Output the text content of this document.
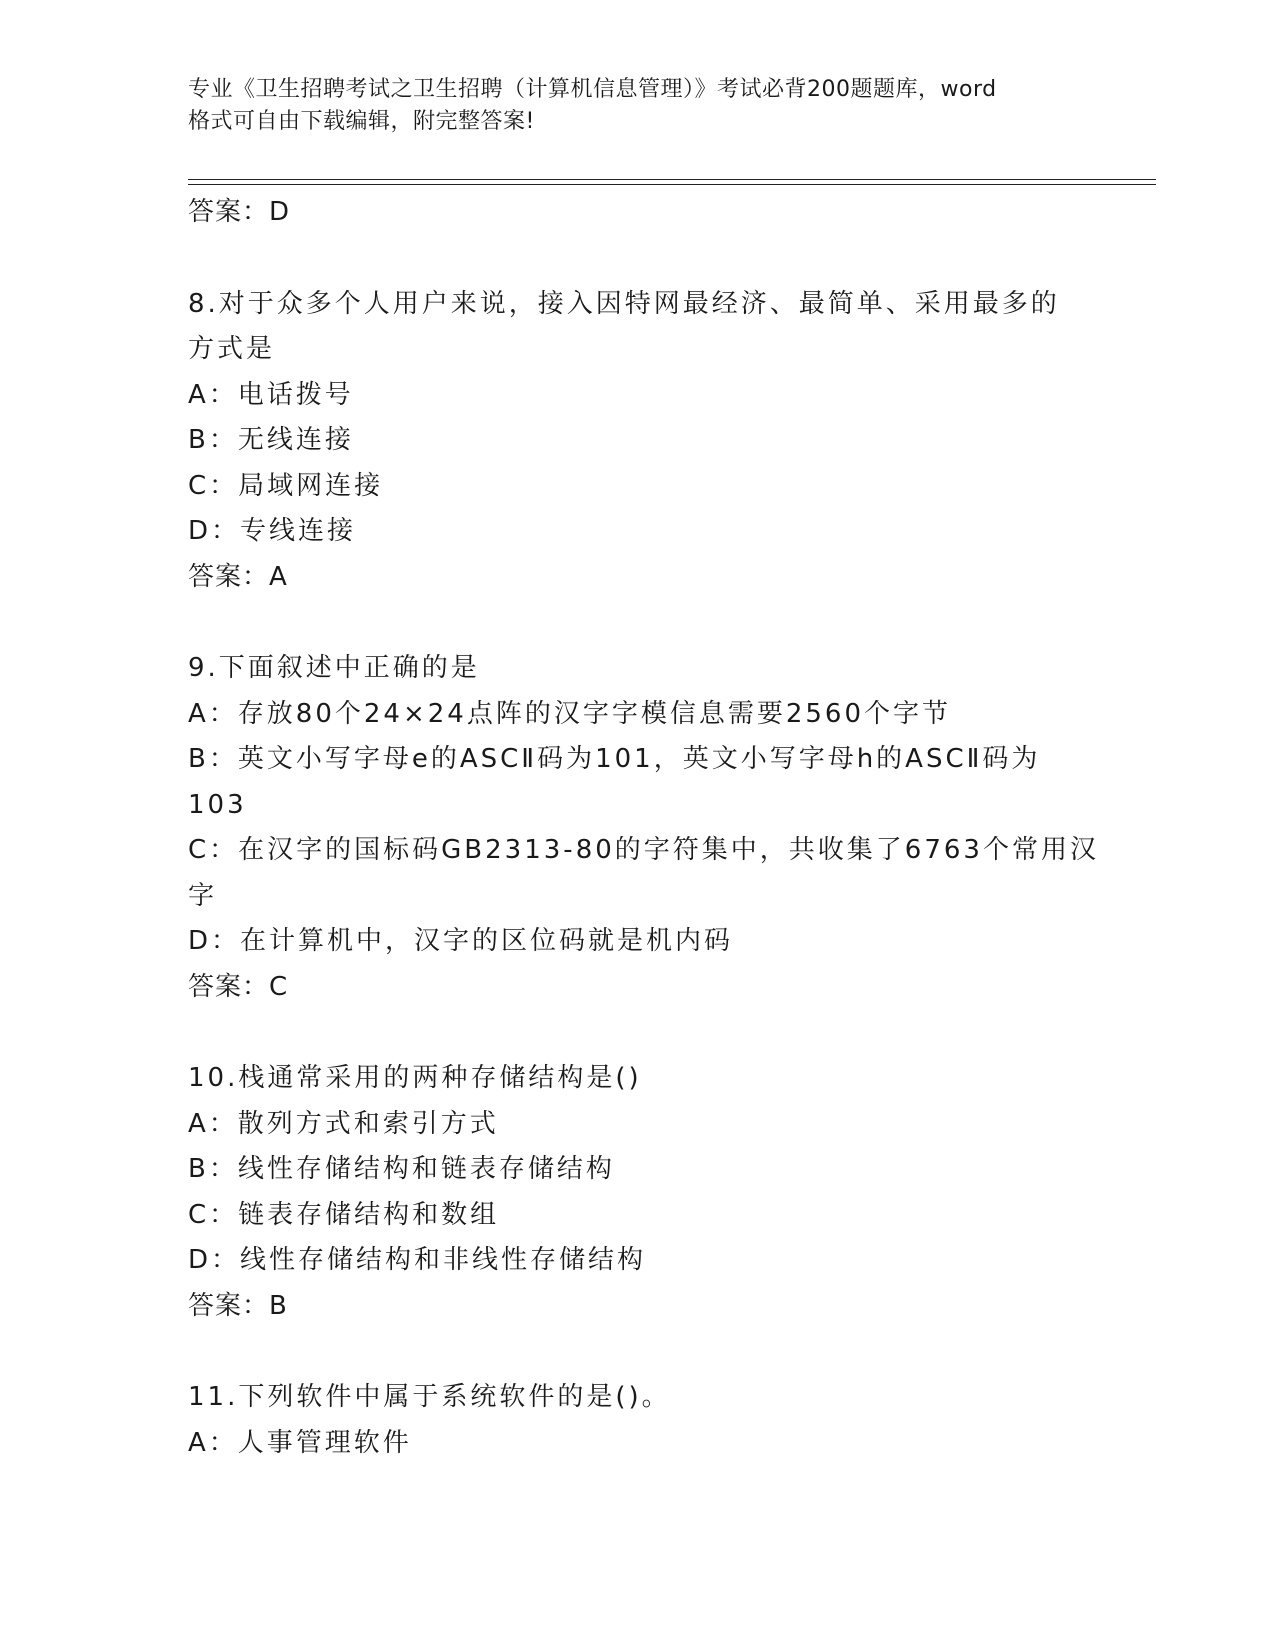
专业《卫生招聘考试之卫生招聘（计算机信息管理）》考试必背200题题库，word
格式可自由下载编辑，附完整答案!
答案：D
8.对于众多个人用户来说，接入因特网最经济、最简单、采用最多的
方式是
A：电话拨号
B：无线连接
C：局域网连接
D：专线连接
答案：A
9.下面叙述中正确的是
A：存放80个24×24点阵的汉字字模信息需要2560个字节
B：英文小写字母e的ASCⅡ码为101，英文小写字母h的ASCⅡ码为
103
C：在汉字的国标码GB2313-80的字符集中，共收集了6763个常用汉
字
D：在计算机中，汉字的区位码就是机内码
答案：C
10.栈通常采用的两种存储结构是()
A：散列方式和索引方式
B：线性存储结构和链表存储结构
C：链表存储结构和数组
D：线性存储结构和非线性存储结构
答案：B
11.下列软件中属于系统软件的是()。
A：人事管理软件
